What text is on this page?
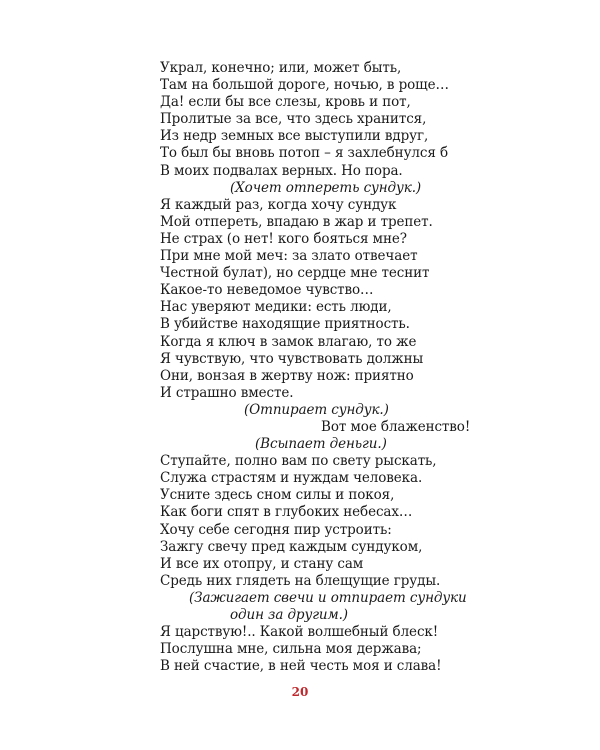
Украл, конечно; или, может быть,

Там на большой дороге, ночью, в роще…

Да! если бы все слезы, кровь и пот,

Пролитые за все, что здесь хранится,

Из недр земных все выступили вдруг,

То был бы вновь потоп – я захлебнулся б

В моих подвалах верных. Но пора.

(Хочет отпереть сундук.)

Я каждый раз, когда хочу сундук

Мой отпереть, впадаю в жар и трепет.

Не страх (о нет! кого бояться мне?

При мне мой меч: за злато отвечает

Честной булат), но сердце мне теснит

Какое-то неведомое чувство…

Нас уверяют медики: есть люди,

В убийстве находящие приятность.

Когда я ключ в замок влагаю, то же

Я чувствую, что чувствовать должны

Они, вонзая в жертву нож: приятно

И страшно вместе.

(Отпирает сундук.)

Вот мое блаженство!

(Всыпает деньги.)

Ступайте, полно вам по свету рыскать,

Служа страстям и нуждам человека.

Усните здесь сном силы и покоя,

Как боги спят в глубоких небесах…

Хочу себе сегодня пир устроить:

Зажгу свечу пред каждым сундуком,

И все их отопру, и стану сам

Средь них глядеть на блещущие груды.

(Зажигает свечи и отпирает сундуки

один за другим.)

Я царствую!.. Какой волшебный блеск!

Послушна мне, сильна моя держава;

В ней счастие, в ней честь моя и слава!

20
